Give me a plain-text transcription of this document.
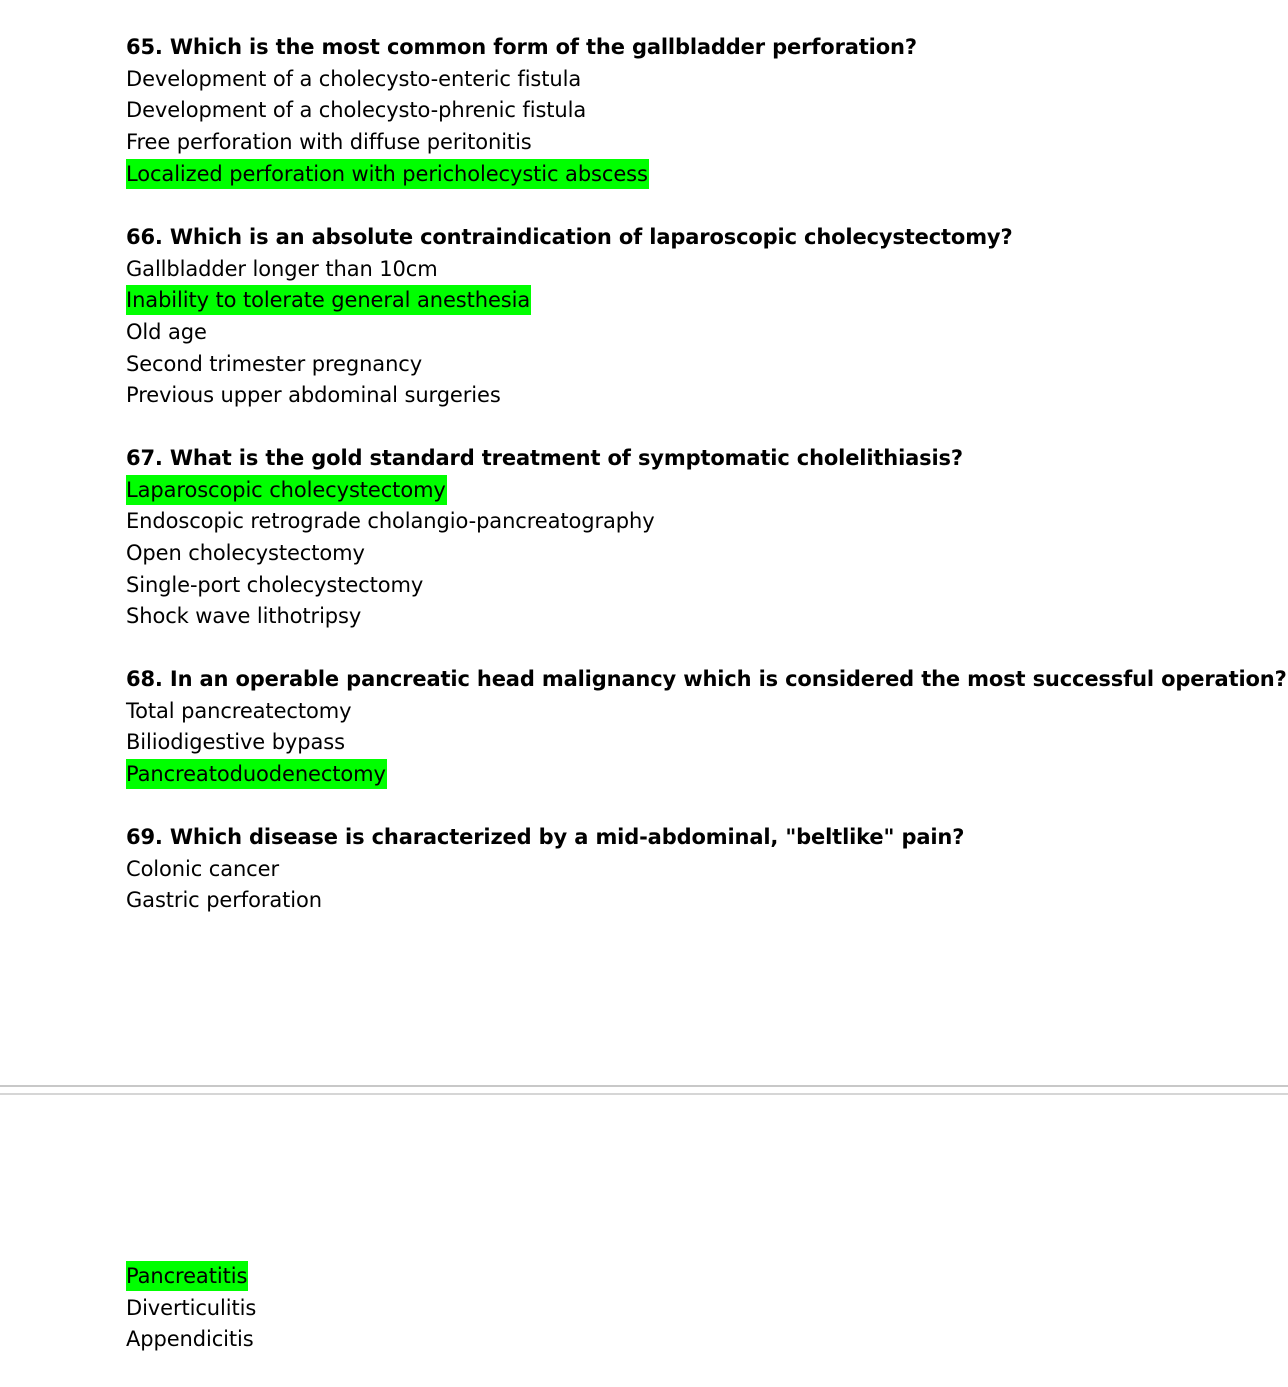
65. Which is the most common form of the gallbladder perforation?
Development of a cholecysto-enteric fistula
Development of a cholecysto-phrenic fistula
Free perforation with diffuse peritonitis
Localized perforation with pericholecystic abscess
66. Which is an absolute contraindication of laparoscopic cholecystectomy?
Gallbladder longer than 10cm
Inability to tolerate general anesthesia
Old age
Second trimester pregnancy
Previous upper abdominal surgeries
67. What is the gold standard treatment of symptomatic cholelithiasis?
Laparoscopic cholecystectomy
Endoscopic retrograde cholangio-pancreatography
Open cholecystectomy
Single-port cholecystectomy
Shock wave lithotripsy
68. In an operable pancreatic head malignancy which is considered the most successful operation?
Total pancreatectomy
Biliodigestive bypass
Pancreatoduodenectomy
69. Which disease is characterized by a mid-abdominal, "beltlike" pain?
Colonic cancer
Gastric perforation
Pancreatitis
Diverticulitis
Appendicitis
